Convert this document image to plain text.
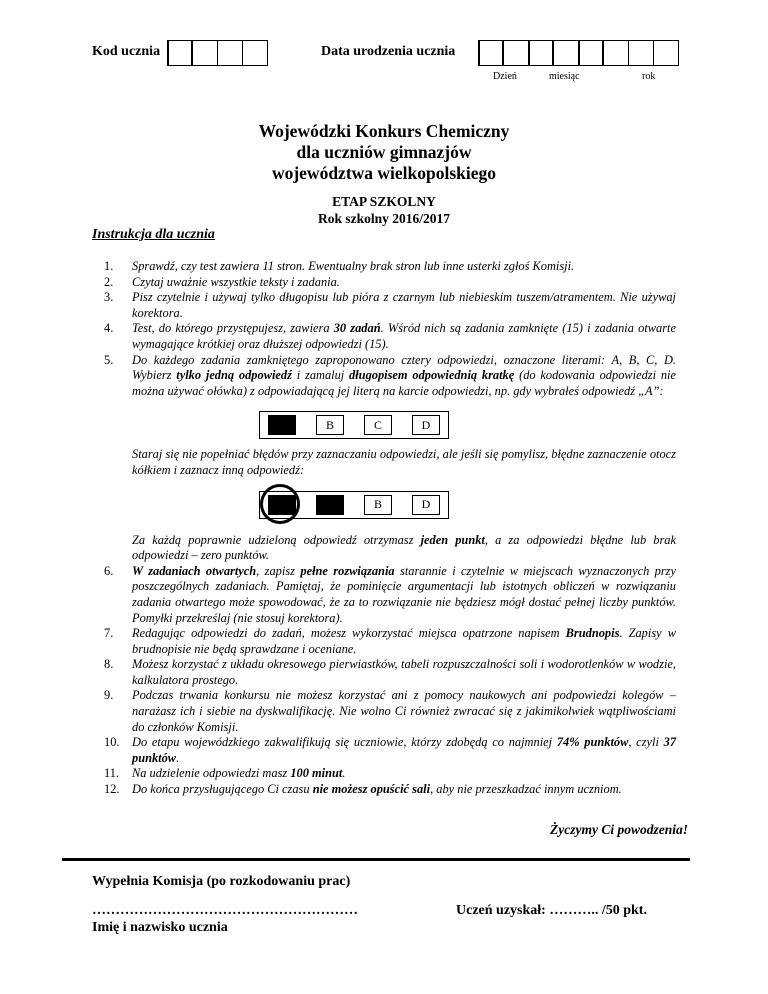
Kod ucznia	Data urodzenia ucznia
Dzień	miesiąc	rok
Wojewódzki Konkurs Chemiczny
dla uczniów gimnazjów
województwa wielkopolskiego
ETAP SZKOLNY
Rok szkolny 2016/2017
Instrukcja dla ucznia
1. Sprawdź, czy test zawiera 11 stron. Ewentualny brak stron lub inne usterki zgłoś Komisji.
2. Czytaj uważnie wszystkie teksty i zadania.
3. Pisz czytelnie i używaj tylko długopisu lub pióra z czarnym lub niebieskim tuszem/atramentem. Nie używaj korektora.
4. Test, do którego przystępujesz, zawiera 30 zadań. Wśród nich są zadania zamknięte (15) i zadania otwarte wymagające krótkiej oraz dłuższej odpowiedzi (15).
5. Do każdego zadania zamkniętego zaproponowano cztery odpowiedzi, oznaczone literami: A, B, C, D. Wybierz tylko jedną odpowiedź i zamaluj długopisem odpowiednią kratkę (do kodowania odpowiedzi nie można używać ołówka) z odpowiadającą jej literą na karcie odpowiedzi, np. gdy wybrałeś odpowiedź „A”:
B	C	D
Staraj się nie popełniać błędów przy zaznaczaniu odpowiedzi, ale jeśli się pomylisz, błędne zaznaczenie otocz kółkiem i zaznacz inną odpowiedź:
B	D
Za każdą poprawnie udzieloną odpowiedź otrzymasz jeden punkt, a za odpowiedzi błędne lub brak odpowiedzi – zero punktów.
6. W zadaniach otwartych, zapisz pełne rozwiązania starannie i czytelnie w miejscach wyznaczonych przy poszczególnych zadaniach. Pamiętaj, że pominięcie argumentacji lub istotnych obliczeń w rozwiązaniu zadania otwartego może spowodować, że za to rozwiązanie nie będziesz mógł dostać pełnej liczby punktów. Pomyłki przekreślaj (nie stosuj korektora).
7. Redagując odpowiedzi do zadań, możesz wykorzystać miejsca opatrzone napisem Brudnopis. Zapisy w brudnopisie nie będą sprawdzane i oceniane.
8. Możesz korzystać z układu okresowego pierwiastków, tabeli rozpuszczalności soli i wodorotlenków w wodzie, kalkulatora prostego.
9. Podczas trwania konkursu nie możesz korzystać ani z pomocy naukowych ani podpowiedzi kolegów – narażasz ich i siebie na dyskwalifikację. Nie wolno Ci również zwracać się z jakimikolwiek wątpliwościami do członków Komisji.
10. Do etapu wojewódzkiego zakwalifikują się uczniowie, którzy zdobędą co najmniej 74% punktów, czyli 37 punktów.
11. Na udzielenie odpowiedzi masz 100 minut.
12. Do końca przysługującego Ci czasu nie możesz opuścić sali, aby nie przeszkadzać innym uczniom.
Życzymy Ci powodzenia!
Wypełnia Komisja (po rozkodowaniu prac)
…………………………………………………
Imię i nazwisko ucznia
Uczeń uzyskał: ……….. /50 pkt.
